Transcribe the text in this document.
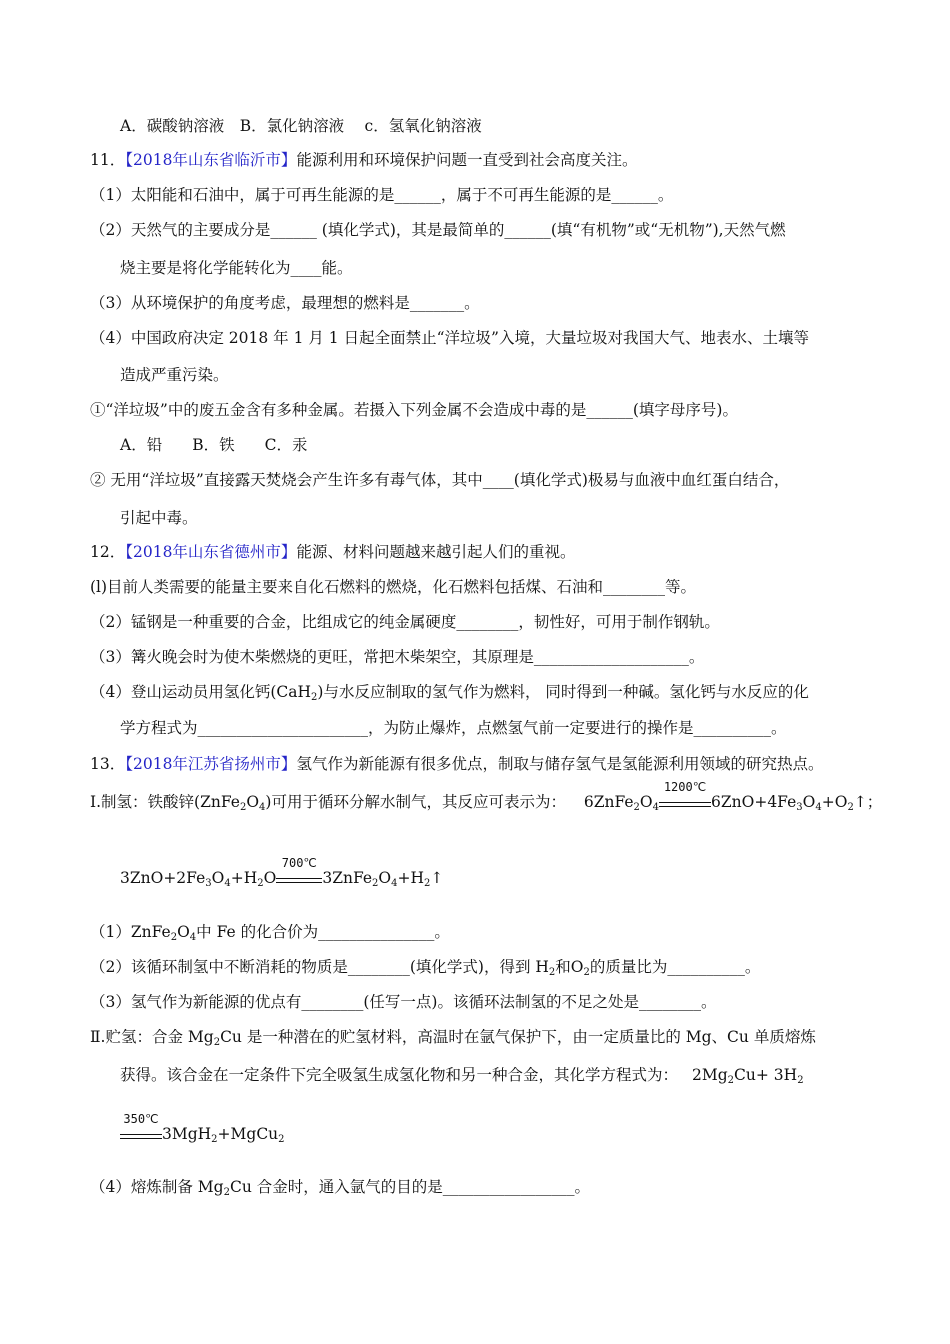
A．碳酸钠溶液　B．氯化钠溶液　 c．氢氧化钠溶液
11．【2018年山东省临沂市】能源利用和环境保护问题一直受到社会高度关注。
（1）太阳能和石油中，属于可再生能源的是______，属于不可再生能源的是______。
（2）天然气的主要成分是______ (填化学式)，其是最简单的______(填“有机物”或“无机物”),天然气燃
烧主要是将化学能转化为____能。
（3）从环境保护的角度考虑，最理想的燃料是_______。
（4）中国政府决定 2018 年 1 月 1 日起全面禁止“洋垃圾”入境，大量垃圾对我国大气、地表水、土壤等
造成严重污染。
①“洋垃圾”中的废五金含有多种金属。若摄入下列金属不会造成中毒的是______(填字母序号)。
A．铅 B．铁 C．汞
② 无用“洋垃圾”直接露天焚烧会产生许多有毒气体，其中____(填化学式)极易与血液中血红蛋白结合，
引起中毒。
12．【2018年山东省德州市】能源、材料问题越来越引起人们的重视。
(l)目前人类需要的能量主要来自化石燃料的燃烧，化石燃料包括煤、石油和________等。
（2）锰钢是一种重要的合金，比组成它的纯金属硬度________，韧性好，可用于制作钢轨。
（3）篝火晚会时为使木柴燃烧的更旺，常把木柴架空，其原理是____________________。
（4）登山运动员用氢化钙(CaH$_2$)与水反应制取的氢气作为燃料， 同时得到一种碱。氢化钙与水反应的化
学方程式为______________________，为防止爆炸，点燃氢气前一定要进行的操作是__________。
13．【2018年江苏省扬州市】氢气作为新能源有很多优点，制取与储存氢气是氢能源利用领域的研究热点。
I.制氢：铁酸锌$(ZnFe_2O_4)$可用于循环分解水制气，其反应可表示为： $6ZnFe_2O_4$
1200℃
$6ZnO+4Fe_3O_4+O_2↑$；
$3ZnO+2Fe_3O_4+H_2O$
700℃
$3ZnFe_2O_4+H_2↑$
$(1)ZnFe_2O_4$中 Fe 的化合价为_______________。
（2）该循环制氢中不断消耗的物质是________(填化学式)，得到 $H_2$和$O_2$的质量比为__________。
（3）氢气作为新能源的优点有________(任写一点)。该循环法制氢的不足之处是________。
Ⅱ.贮氢：合金 $Mg_2Cu$ 是一种潜在的贮氢材料，高温时在氩气保护下，由一定质量比的 Mg、Cu 单质熔炼
获得。该合金在一定条件下完全吸氢生成氢化物和另一种合金，其化学方程式为： $2Mg_2Cu+ 3H_2$
350℃
3MgH$_2$+MgCu$_2$
（4）熔炼制备 $Mg_2Cu$ 合金时，通入氩气的目的是_________________。
